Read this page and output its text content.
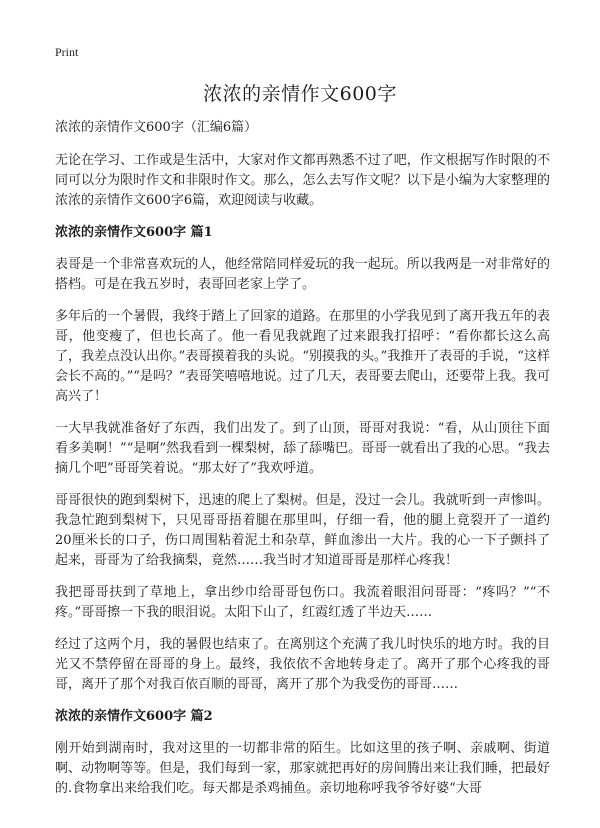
Print
浓浓的亲情作文600字
浓浓的亲情作文600字（汇编6篇）

无论在学习、工作或是生活中，大家对作文都再熟悉不过了吧，作文根据写作时限的不同可以分为限时作文和非限时作文。那么，怎么去写作文呢？以下是小编为大家整理的浓浓的亲情作文600字6篇，欢迎阅读与收藏。

浓浓的亲情作文600字 篇1

表哥是一个非常喜欢玩的人，他经常陪同样爱玩的我一起玩。所以我两是一对非常好的搭档。可是在我五岁时，表哥回老家上学了。

多年后的一个暑假，我终于踏上了回家的道路。在那里的小学我见到了离开我五年的表哥，他变瘦了，但也长高了。他一看见我就跑了过来跟我打招呼：“看你都长这么高了，我差点没认出你。”表哥摸着我的头说。“别摸我的头。”我推开了表哥的手说，“这样会长不高的。”“是吗？”表哥笑嘻嘻地说。过了几天，表哥要去爬山，还要带上我。我可高兴了！

一大早我就准备好了东西，我们出发了。到了山顶，哥哥对我说：“看，从山顶往下面看多美啊！”“是啊”然我看到一棵梨树，舔了舔嘴巴。哥哥一就看出了我的心思。“我去摘几个吧”哥哥笑着说。“那太好了”我欢呼道。

哥哥很快的跑到梨树下，迅速的爬上了梨树。但是，没过一会儿。我就听到一声惨叫。我急忙跑到梨树下，只见哥哥捂着腿在那里叫，仔细一看，他的腿上竟裂开了一道约20厘米长的口子，伤口周围粘着泥土和杂草，鲜血渗出一大片。我的心一下子颤抖了起来，哥哥为了给我摘梨，竟然……我当时才知道哥哥是那样心疼我！

我把哥哥扶到了草地上，拿出纱巾给哥哥包伤口。我流着眼泪问哥哥：“疼吗？”“不疼。”哥哥擦一下我的眼泪说。太阳下山了，红霞红透了半边天……

经过了这两个月，我的暑假也结束了。在离别这个充满了我儿时快乐的地方时。我的目光又不禁停留在哥哥的身上。最终，我依依不舍地转身走了。离开了那个心疼我的哥哥，离开了那个对我百依百顺的哥哥，离开了那个为我受伤的哥哥……

浓浓的亲情作文600字 篇2

刚开始到湖南时，我对这里的一切都非常的陌生。比如这里的孩子啊、亲戚啊、街道啊、动物啊等等。但是，我们每到一家，那家就把再好的房间腾出来让我们睡，把最好的.食物拿出来给我们吃。每天都是杀鸡捕鱼。亲切地称呼我爷爷好婆“大哥
